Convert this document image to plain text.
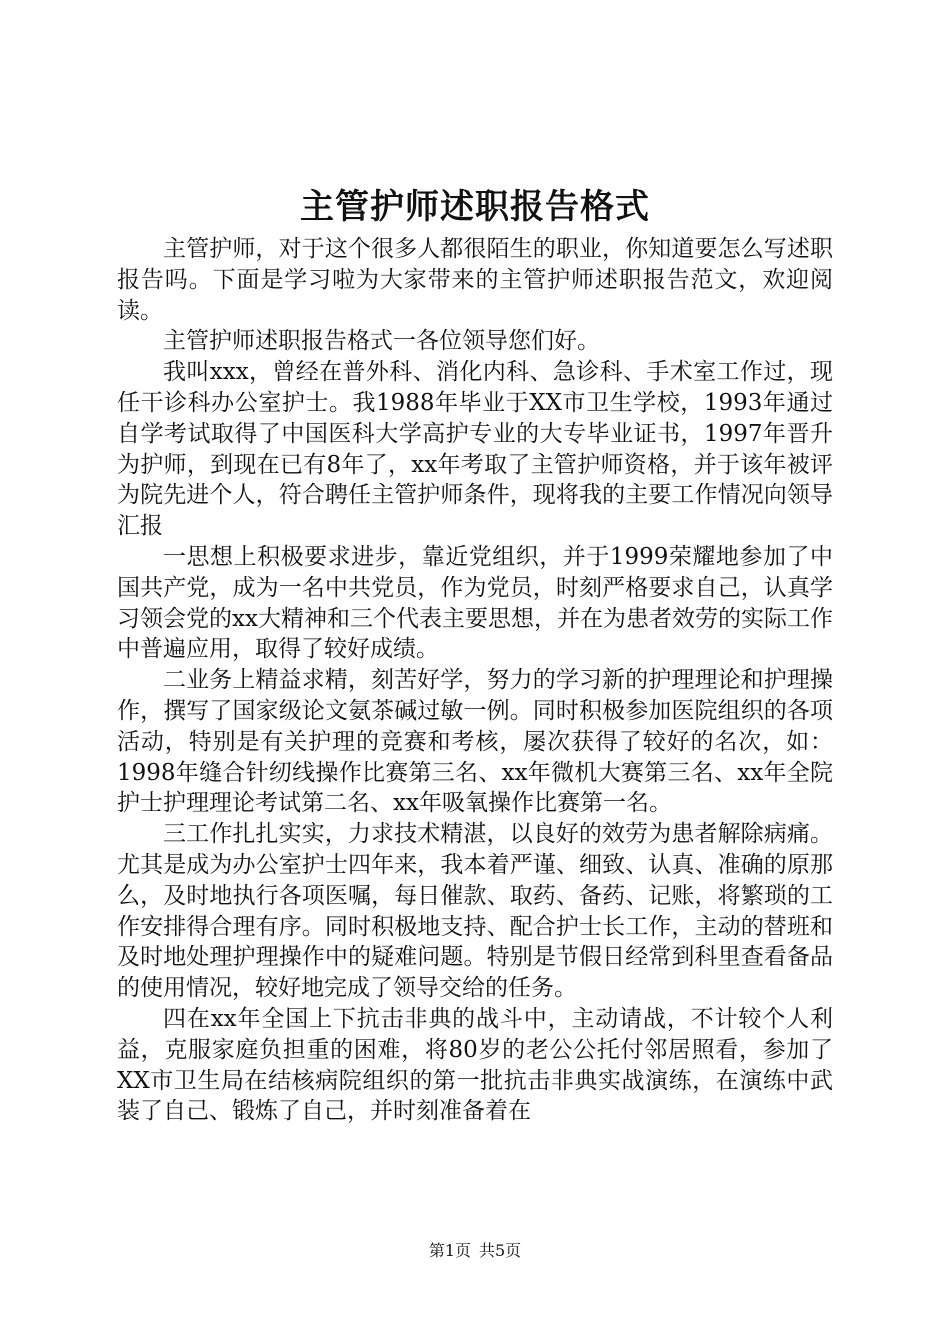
主管护师述职报告格式

主管护师，对于这个很多人都很陌生的职业，你知道要怎么写述职报告吗。下面是学习啦为大家带来的主管护师述职报告范文，欢迎阅读。

主管护师述职报告格式一各位领导您们好。

我叫xxx，曾经在普外科、消化内科、急诊科、手术室工作过，现任干诊科办公室护士。我1988年毕业于XX市卫生学校，1993年通过自学考试取得了中国医科大学高护专业的大专毕业证书，1997年晋升为护师，到现在已有8年了，xx年考取了主管护师资格，并于该年被评为院先进个人，符合聘任主管护师条件，现将我的主要工作情况向领导汇报

一思想上积极要求进步，靠近党组织，并于1999荣耀地参加了中国共产党，成为一名中共党员，作为党员，时刻严格要求自己，认真学习领会党的xx大精神和三个代表主要思想，并在为患者效劳的实际工作中普遍应用，取得了较好成绩。

二业务上精益求精，刻苦好学，努力的学习新的护理理论和护理操作，撰写了国家级论文氨茶碱过敏一例。同时积极参加医院组织的各项活动，特别是有关护理的竞赛和考核，屡次获得了较好的名次，如：1998年缝合针纫线操作比赛第三名、xx年微机大赛第三名、xx年全院护士护理理论考试第二名、xx年吸氧操作比赛第一名。

三工作扎扎实实，力求技术精湛，以良好的效劳为患者解除病痛。尤其是成为办公室护士四年来，我本着严谨、细致、认真、准确的原那么，及时地执行各项医嘱，每日催款、取药、备药、记账，将繁琐的工作安排得合理有序。同时积极地支持、配合护士长工作，主动的替班和及时地处理护理操作中的疑难问题。特别是节假日经常到科里查看备品的使用情况，较好地完成了领导交给的任务。

四在xx年全国上下抗击非典的战斗中，主动请战，不计较个人利益，克服家庭负担重的困难，将80岁的老公公托付邻居照看，参加了XX市卫生局在结核病院组织的第一批抗击非典实战演练，在演练中武装了自己、锻炼了自己，并时刻准备着在

第1页 共5页
